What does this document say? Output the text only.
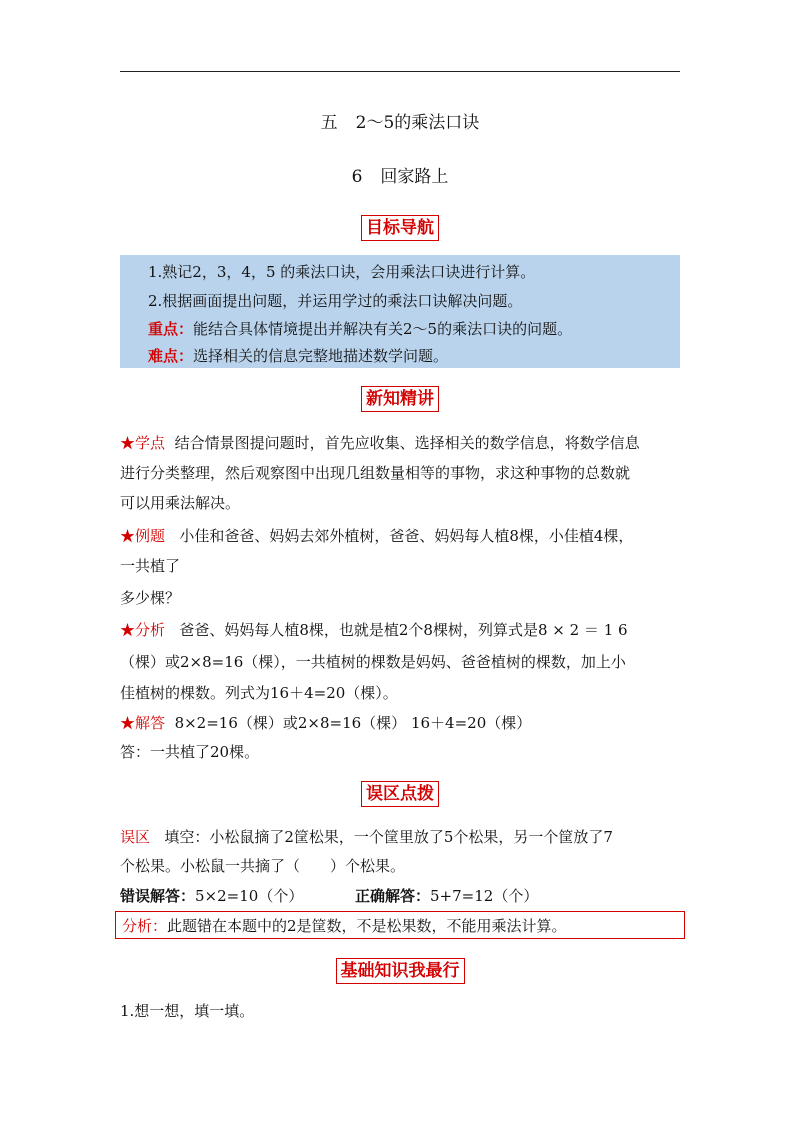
五 2～5的乘法口诀
6 回家路上
目标导航
1.熟记2，3，4，5 的乘法口诀，会用乘法口诀进行计算。
2.根据画面提出问题，并运用学过的乘法口诀解决问题。
重点：能结合具体情境提出并解决有关2～5的乘法口诀的问题。
难点：选择相关的信息完整地描述数学问题。
新知精讲
★学点 结合情景图提问题时，首先应收集、选择相关的数学信息，将数学信息
进行分类整理，然后观察图中出现几组数量相等的事物，求这种事物的总数就
可以用乘法解决。
★例题 小佳和爸爸、妈妈去郊外植树，爸爸、妈妈每人植8棵，小佳植4棵，
一共植了
多少棵？
★分析 爸爸、妈妈每人植8棵，也就是植2个8棵树，列算式是8 × 2 ＝ 1 6
（棵）或2×8=16（棵），一共植树的棵数是妈妈、爸爸植树的棵数，加上小
佳植树的棵数。列式为16＋4=20（棵）。
★解答 8×2=16（棵）或2×8=16（棵） 16＋4=20（棵）
答：一共植了20棵。
误区点拨
误区 填空：小松鼠摘了2筐松果，一个筐里放了5个松果，另一个筐放了7
个松果。小松鼠一共摘了（　　）个松果。
错误解答：5×2=10（个）	正确解答：5+7=12（个）
分析：此题错在本题中的2是筐数，不是松果数，不能用乘法计算。
基础知识我最行
1.想一想，填一填。
